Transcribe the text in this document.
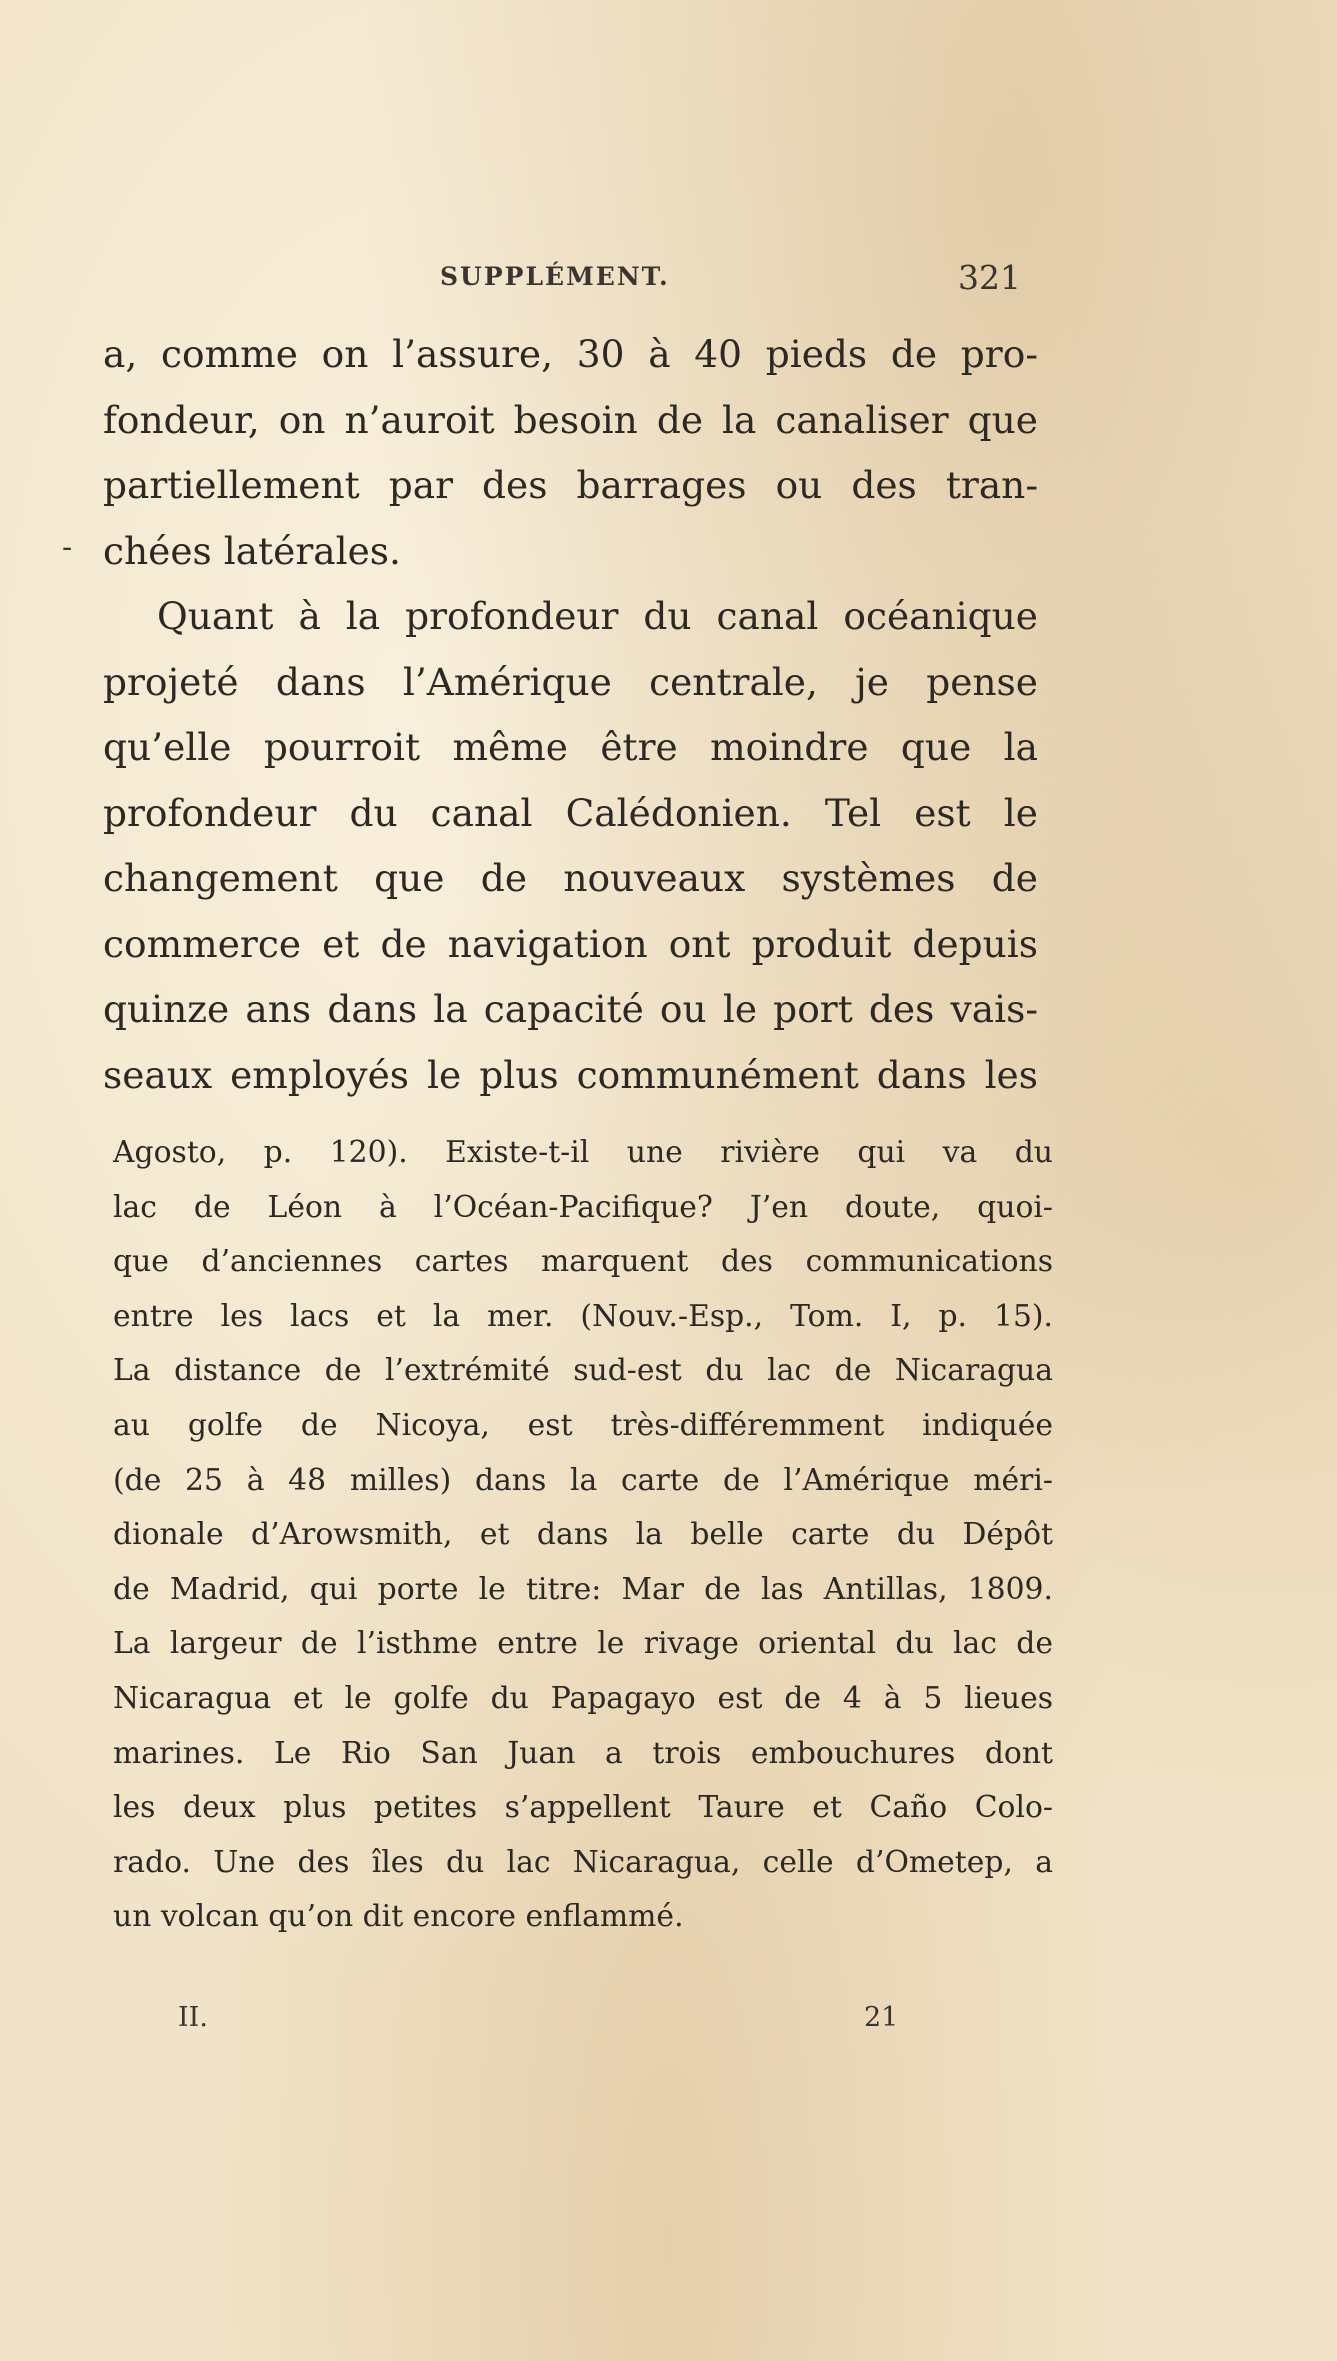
SUPPLÉMENT.	321
-
a, comme on l’assure, 30 à 40 pieds de pro-
fondeur, on n’auroit besoin de la canaliser que
partiellement par des barrages ou des tran-
chées latérales.
Quant à la profondeur du canal océanique
projeté dans l’Amérique centrale, je pense
qu’elle pourroit même être moindre que la
profondeur du canal Calédonien. Tel est le
changement que de nouveaux systèmes de
commerce et de navigation ont produit depuis
quinze ans dans la capacité ou le port des vais-
seaux employés le plus communément dans les
Agosto, p. 120). Existe-t-il une rivière qui va du
lac de Léon à l’Océan-Pacifique? J’en doute, quoi-
que d’anciennes cartes marquent des communications
entre les lacs et la mer. (Nouv.-Esp., Tom. I, p. 15).
La distance de l’extrémité sud-est du lac de Nicaragua
au golfe de Nicoya, est très-différemment indiquée
(de 25 à 48 milles) dans la carte de l’Amérique méri-
dionale d’Arowsmith, et dans la belle carte du Dépôt
de Madrid, qui porte le titre: Mar de las Antillas, 1809.
La largeur de l’isthme entre le rivage oriental du lac de
Nicaragua et le golfe du Papagayo est de 4 à 5 lieues
marines. Le Rio San Juan a trois embouchures dont
les deux plus petites s’appellent Taure et Caño Colo-
rado. Une des îles du lac Nicaragua, celle d’Ometep, a
un volcan qu’on dit encore enflammé.
II.	21
